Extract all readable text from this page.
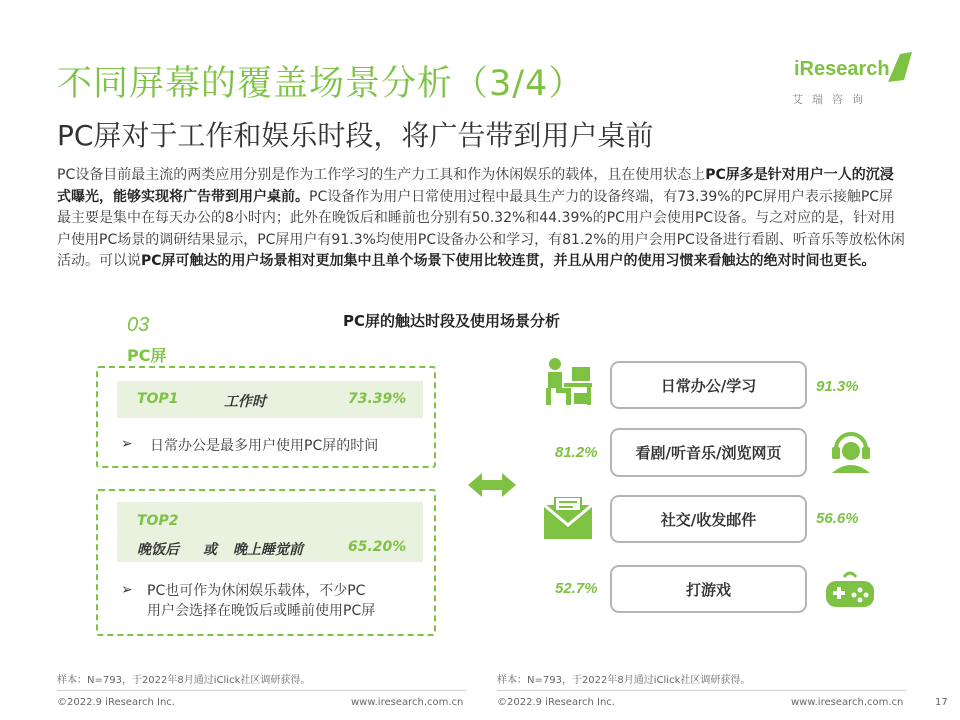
不同屏幕的覆盖场景分析（3/4）
PC屏对于工作和娱乐时段，将广告带到用户桌前
iResearch
艾瑞咨询
PC设备目前最主流的两类应用分别是作为工作学习的生产力工具和作为休闲娱乐的载体，且在使用状态上PC屏多是针对用户一人的沉浸式曝光，能够实现将广告带到用户桌前。PC设备作为用户日常使用过程中最具生产力的设备终端，有73.39%的PC屏用户表示接触PC屏最主要是集中在每天办公的8小时内；此外在晚饭后和睡前也分别有50.32%和44.39%的PC用户会使用PC设备。与之对应的是，针对用户使用PC场景的调研结果显示，PC屏用户有91.3%均使用PC设备办公和学习，有81.2%的用户会用PC设备进行看剧、听音乐等放松休闲活动。可以说PC屏可触达的用户场景相对更加集中且单个场景下使用比较连贯，并且从用户的使用习惯来看触达的绝对时间也更长。
03
PC屏
PC屏的触达时段及使用场景分析
TOP1	工作时	73.39%
➢ 日常办公是最多用户使用PC屏的时间
TOP2
晚饭后 或 晚上睡觉前	65.20%
➢ PC也可作为休闲娱乐载体，不少PC
用户会选择在晚饭后或睡前使用PC屏
日常办公/学习	91.3%
81.2%	看剧/听音乐/浏览网页
社交/收发邮件	56.6%
52.7%	打游戏
样本：N=793，于2022年8月通过iClick社区调研获得。	样本：N=793，于2022年8月通过iClick社区调研获得。
©2022.9 iResearch Inc.	www.iresearch.com.cn	©2022.9 iResearch Inc.	www.iresearch.com.cn	17
